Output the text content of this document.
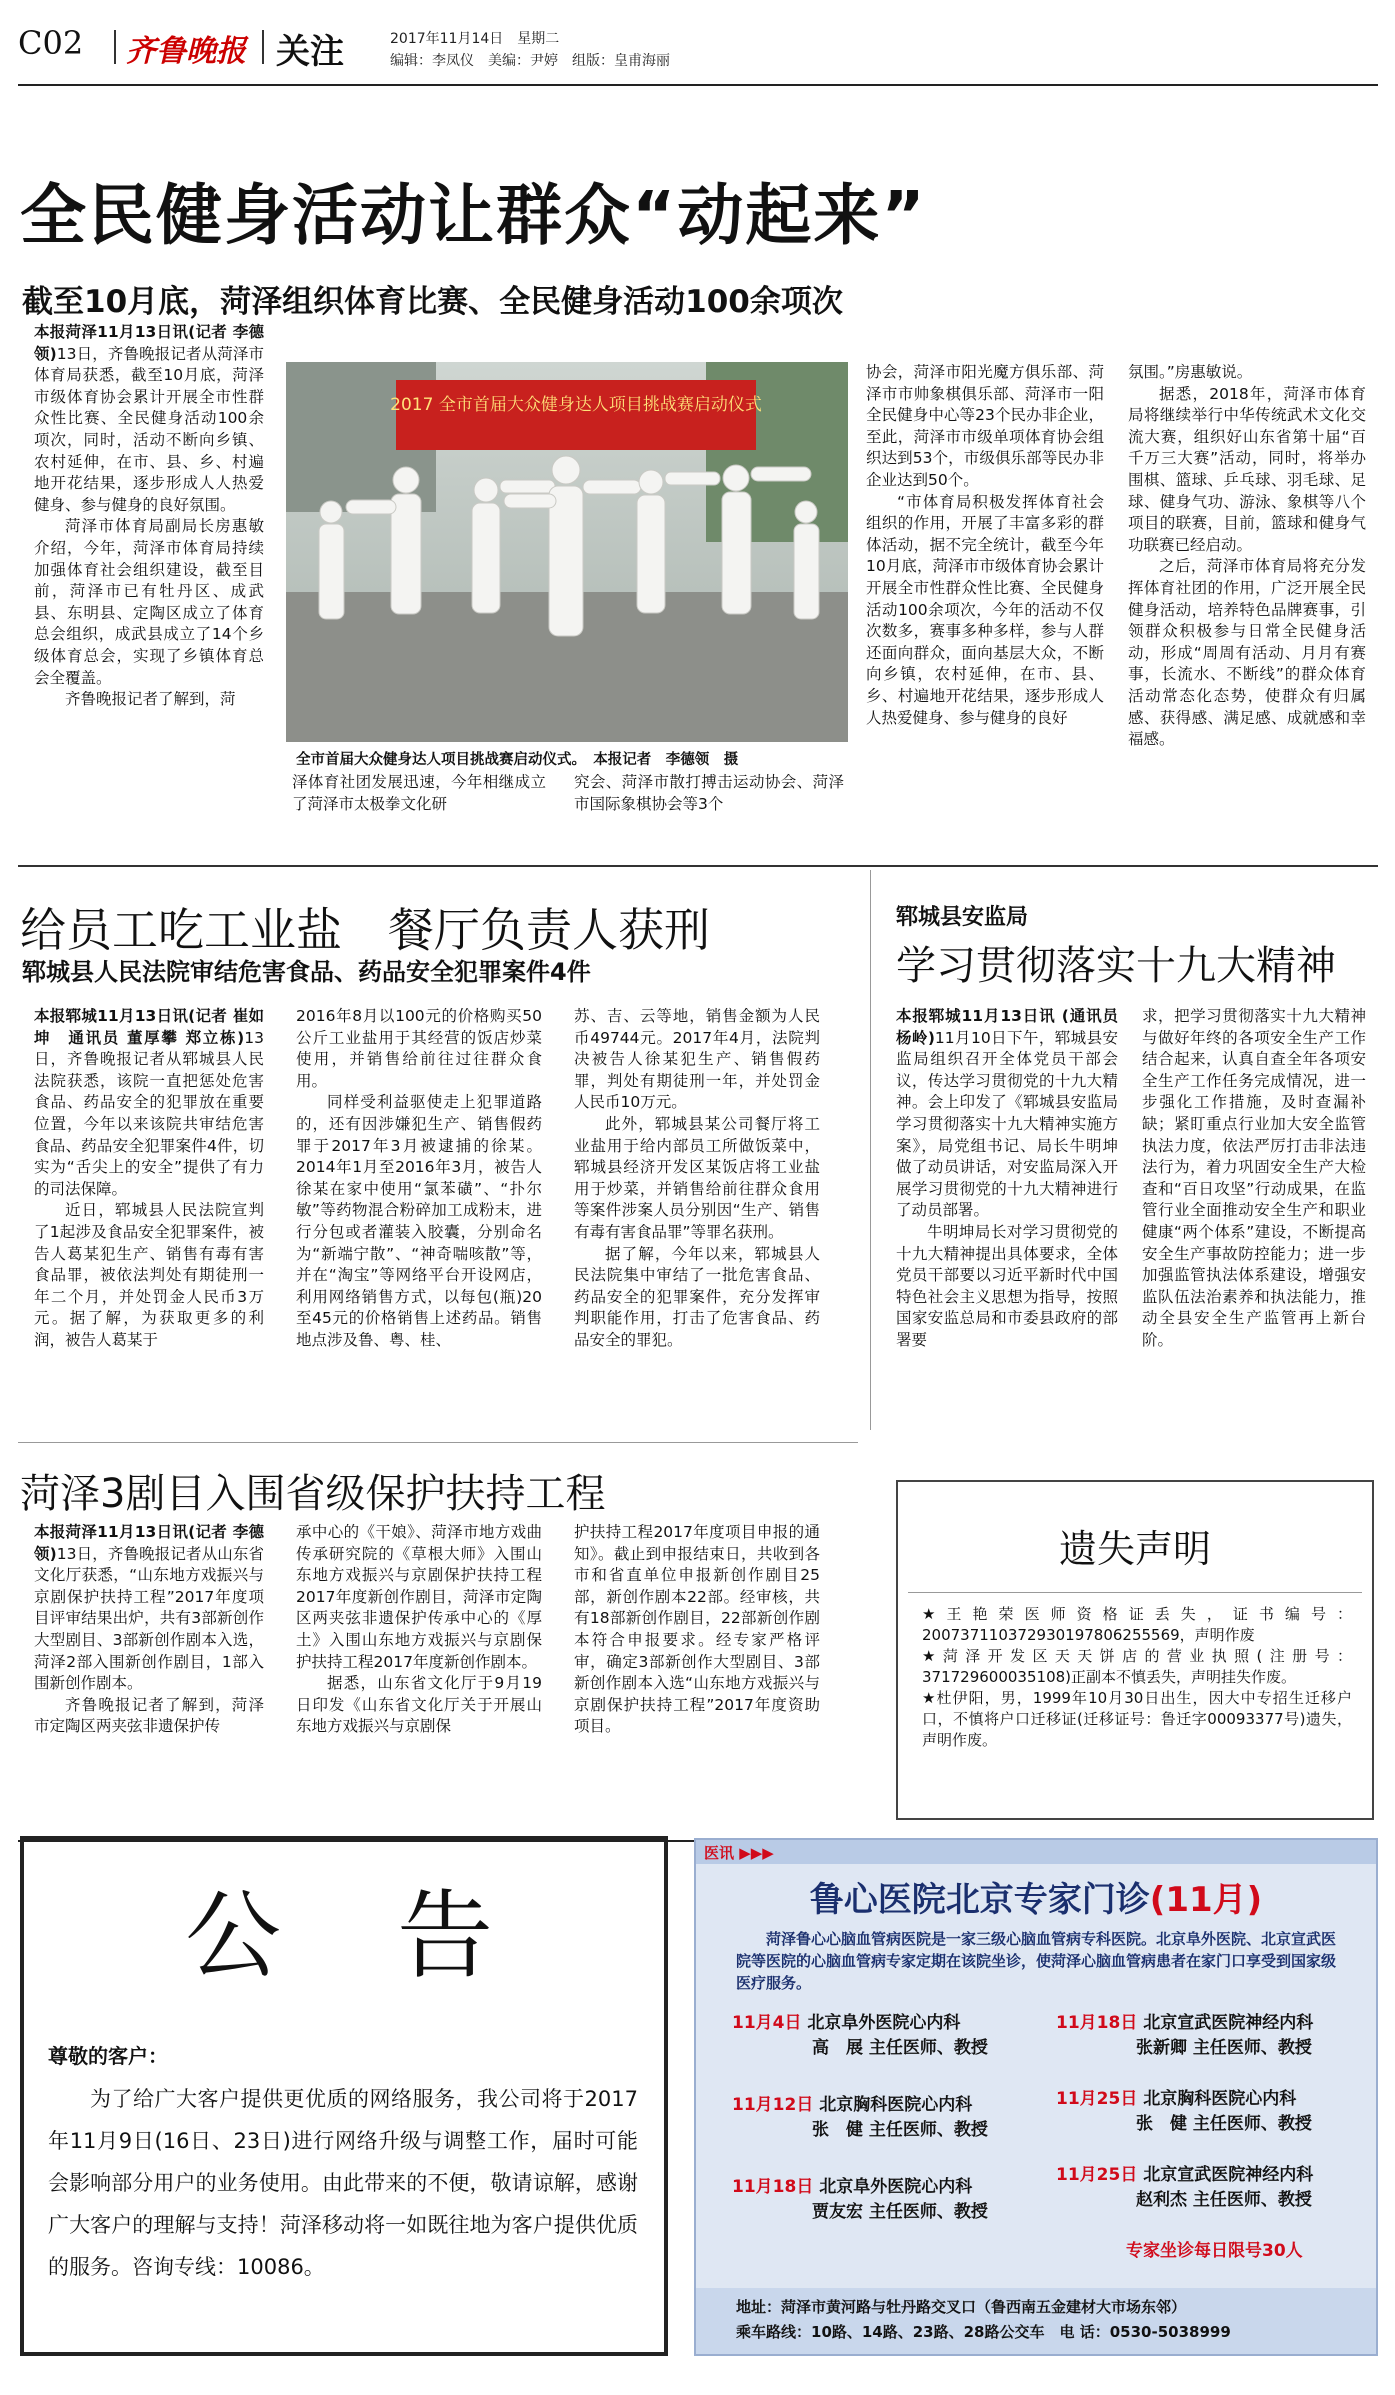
C02 齐鲁晚报 关注	2017年11月14日　星期二
编辑：李凤仪　美编：尹婷　组版：皇甫海丽
全民健身活动让群众“动起来”
截至10月底，菏泽组织体育比赛、全民健身活动100余项次

本报菏泽11月13日讯(记者 李德领)13日，齐鲁晚报记者从菏泽市体育局获悉，截至10月底，菏泽市级体育协会累计开展全市性群众性比赛、全民健身活动100余项次，同时，活动不断向乡镇、农村延伸，在市、县、乡、村遍地开花结果，逐步形成人人热爱健身、参与健身的良好氛围。

菏泽市体育局副局长房惠敏介绍，今年，菏泽市体育局持续加强体育社会组织建设，截至目前，菏泽市已有牡丹区、成武县、东明县、定陶区成立了体育总会组织，成武县成立了14个乡级体育总会，实现了乡镇体育总会全覆盖。

齐鲁晚报记者了解到，菏

2017 全市首届大众健身达人项目挑战赛启动仪式
全市首届大众健身达人项目挑战赛启动仪式。　本报记者　李德领　摄

泽体育社团发展迅速，今年相继成立了菏泽市太极拳文化研

究会、菏泽市散打搏击运动协会、菏泽市国际象棋协会等3个

协会，菏泽市阳光魔方俱乐部、菏泽市市帅象棋俱乐部、菏泽市一阳全民健身中心等23个民办非企业，至此，菏泽市市级单项体育协会组织达到53个，市级俱乐部等民办非企业达到50个。

“市体育局积极发挥体育社会组织的作用，开展了丰富多彩的群体活动，据不完全统计，截至今年10月底，菏泽市市级体育协会累计开展全市性群众性比赛、全民健身活动100余项次，今年的活动不仅次数多，赛事多种多样，参与人群还面向群众，面向基层大众，不断向乡镇，农村延伸，在市、县、乡、村遍地开花结果，逐步形成人人热爱健身、参与健身的良好

氛围。”房惠敏说。

据悉，2018年，菏泽市体育局将继续举行中华传统武术文化交流大赛，组织好山东省第十届“百千万三大赛”活动，同时，将举办围棋、篮球、乒乓球、羽毛球、足球、健身气功、游泳、象棋等八个项目的联赛，目前，篮球和健身气功联赛已经启动。

之后，菏泽市体育局将充分发挥体育社团的作用，广泛开展全民健身活动，培养特色品牌赛事，引领群众积极参与日常全民健身活动，形成“周周有活动、月月有赛事，长流水、不断线”的群众体育活动常态化态势，使群众有归属感、获得感、满足感、成就感和幸福感。

给员工吃工业盐　餐厅负责人获刑
郓城县人民法院审结危害食品、药品安全犯罪案件4件

本报郓城11月13日讯(记者 崔如坤　通讯员 董厚攀 郑立栋)13日，齐鲁晚报记者从郓城县人民法院获悉，该院一直把惩处危害食品、药品安全的犯罪放在重要位置，今年以来该院共审结危害食品、药品安全犯罪案件4件，切实为“舌尖上的安全”提供了有力的司法保障。

近日，郓城县人民法院宣判了1起涉及食品安全犯罪案件，被告人葛某犯生产、销售有毒有害食品罪，被依法判处有期徒刑一年二个月，并处罚金人民币3万元。据了解，为获取更多的利润，被告人葛某于

2016年8月以100元的价格购买50公斤工业盐用于其经营的饭店炒菜使用，并销售给前往过往群众食用。

同样受利益驱使走上犯罪道路的，还有因涉嫌犯生产、销售假药罪于2017年3月被逮捕的徐某。2014年1月至2016年3月，被告人徐某在家中使用“氯苯磺”、“扑尔敏”等药物混合粉碎加工成粉末，进行分包或者灌装入胶囊，分别命名为“新端宁散”、“神奇喘咳散”等，并在“淘宝”等网络平台开设网店，利用网络销售方式，以每包(瓶)20至45元的价格销售上述药品。销售地点涉及鲁、粤、桂、

苏、吉、云等地，销售金额为人民币49744元。2017年4月，法院判决被告人徐某犯生产、销售假药罪，判处有期徒刑一年，并处罚金人民币10万元。

此外，郓城县某公司餐厅将工业盐用于给内部员工所做饭菜中，郓城县经济开发区某饭店将工业盐用于炒菜，并销售给前往群众食用等案件涉案人员分别因“生产、销售有毒有害食品罪”等罪名获刑。

据了解，今年以来，郓城县人民法院集中审结了一批危害食品、药品安全的犯罪案件，充分发挥审判职能作用，打击了危害食品、药品安全的罪犯。

郓城县安监局
学习贯彻落实十九大精神

本报郓城11月13日讯 (通讯员 杨岭)11月10日下午，郓城县安监局组织召开全体党员干部会议，传达学习贯彻党的十九大精神。会上印发了《郓城县安监局学习贯彻落实十九大精神实施方案》，局党组书记、局长牛明坤做了动员讲话，对安监局深入开展学习贯彻党的十九大精神进行了动员部署。

牛明坤局长对学习贯彻党的十九大精神提出具体要求，全体党员干部要以习近平新时代中国特色社会主义思想为指导，按照国家安监总局和市委县政府的部署要

求，把学习贯彻落实十九大精神与做好年终的各项安全生产工作结合起来，认真自查全年各项安全生产工作任务完成情况，进一步强化工作措施，及时查漏补缺；紧盯重点行业加大安全监管执法力度，依法严厉打击非法违法行为，着力巩固安全生产大检查和“百日攻坚”行动成果，在监管行业全面推动安全生产和职业健康“两个体系”建设，不断提高安全生产事故防控能力；进一步加强监管执法体系建设，增强安监队伍法治素养和执法能力，推动全县安全生产监管再上新台阶。

菏泽3剧目入围省级保护扶持工程

本报菏泽11月13日讯(记者 李德领)13日，齐鲁晚报记者从山东省文化厅获悉，“山东地方戏振兴与京剧保护扶持工程”2017年度项目评审结果出炉，共有3部新创作大型剧目、3部新创作剧本入选，菏泽2部入围新创作剧目，1部入围新创作剧本。

齐鲁晚报记者了解到，菏泽市定陶区两夹弦非遗保护传

承中心的《干娘》、菏泽市地方戏曲传承研究院的《草根大师》入围山东地方戏振兴与京剧保护扶持工程2017年度新创作剧目，菏泽市定陶区两夹弦非遗保护传承中心的《厚土》入围山东地方戏振兴与京剧保护扶持工程2017年度新创作剧本。

据悉，山东省文化厅于9月19日印发《山东省文化厅关于开展山东地方戏振兴与京剧保

护扶持工程2017年度项目申报的通知》。截止到申报结束日，共收到各市和省直单位申报新创作剧目25部，新创作剧本22部。经审核，共有18部新创作剧目，22部新创作剧本符合申报要求。经专家严格评审，确定3部新创作大型剧目、3部新创作剧本入选“山东地方戏振兴与京剧保护扶持工程”2017年度资助项目。

遗失声明

★王艳荣医师资格证丢失，证书编号：200737110372930197806255569，声明作废

★菏泽开发区天天饼店的营业执照(注册号：371729600035108)正副本不慎丢失，声明挂失作废。

★杜伊阳，男，1999年10月30日出生，因大中专招生迁移户口，不慎将户口迁移证(迁移证号：鲁迁字00093377号)遗失，声明作废。

公　告
尊敬的客户：
为了给广大客户提供更优质的网络服务，我公司将于2017年11月9日(16日、23日)进行网络升级与调整工作，届时可能会影响部分用户的业务使用。由此带来的不便，敬请谅解，感谢广大客户的理解与支持！菏泽移动将一如既往地为客户提供优质的服务。咨询专线：10086。
医讯 ▶▶▶
鲁心医院北京专家门诊(11月)
菏泽鲁心心脑血管病医院是一家三级心脑血管病专科医院。北京阜外医院、北京宣武医院等医院的心脑血管病专家定期在该院坐诊，使菏泽心脑血管病患者在家门口享受到国家级医疗服务。
11月4日 北京阜外医院心内科
高　展 主任医师、教授
11月12日 北京胸科医院心内科
张　健 主任医师、教授
11月18日 北京阜外医院心内科
贾友宏 主任医师、教授
11月18日 北京宣武医院神经内科
张新卿 主任医师、教授
11月25日 北京胸科医院心内科
张　健 主任医师、教授
11月25日 北京宣武医院神经内科
赵利杰 主任医师、教授
专家坐诊每日限号30人
地址：菏泽市黄河路与牡丹路交叉口（鲁西南五金建材大市场东邻）
乘车路线：10路、14路、23路、28路公交车　电 话：0530-5038999
